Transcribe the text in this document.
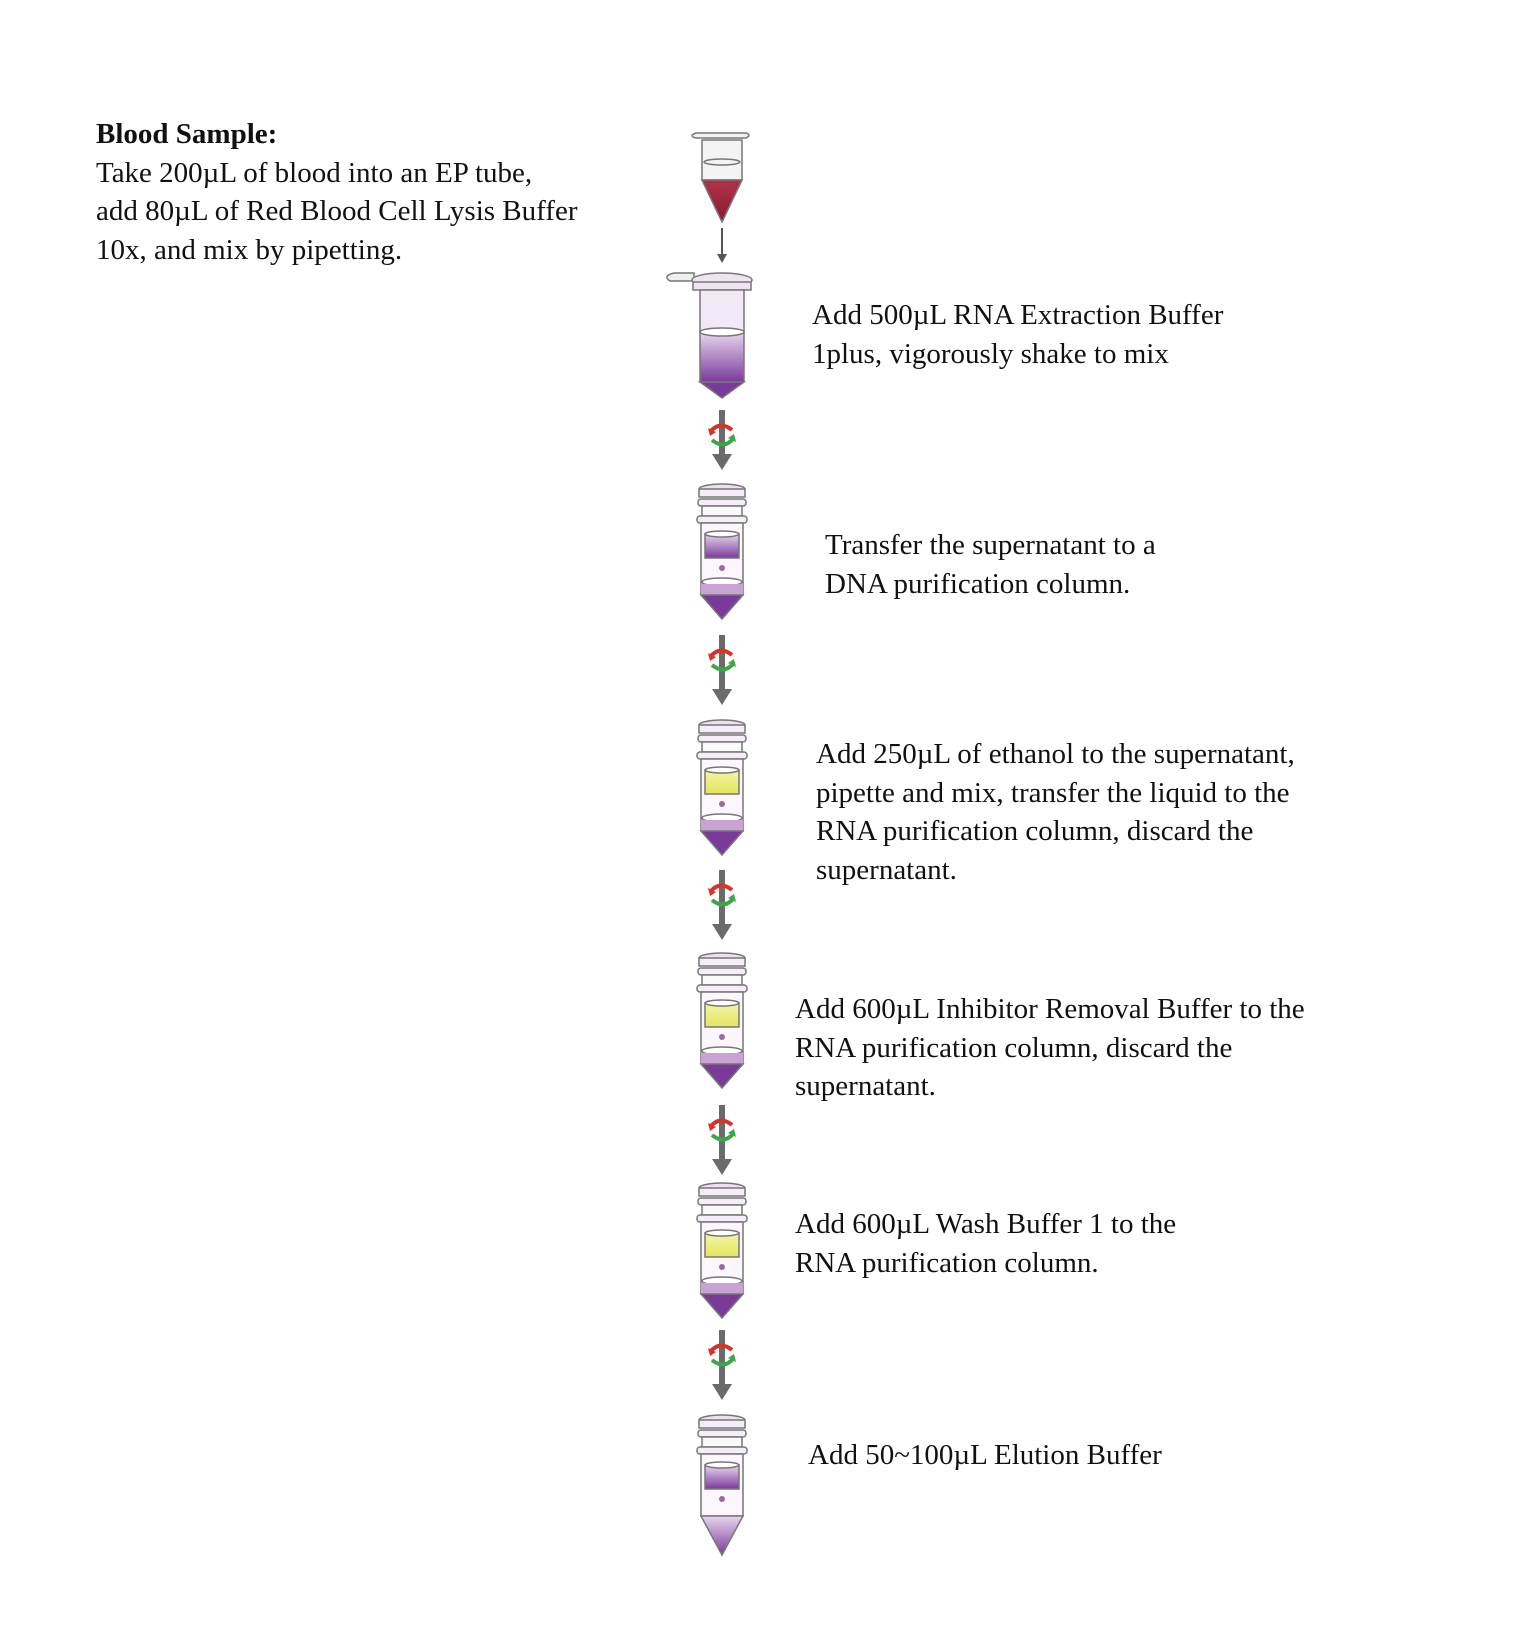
Blood Sample:
Take 200µL of blood into an EP tube,
add 80µL of Red Blood Cell Lysis Buffer
10x, and mix by pipetting.
Add 500µL RNA Extraction Buffer
1plus, vigorously shake to mix
Transfer the supernatant to a
DNA purification column.
Add 250µL of ethanol to the supernatant,
pipette and mix, transfer the liquid to the
RNA purification column, discard the
supernatant.
Add 600µL Inhibitor Removal Buffer to the
RNA purification column, discard the
supernatant.
Add 600µL Wash Buffer 1 to the
RNA purification column.
Add 50~100µL Elution Buffer
